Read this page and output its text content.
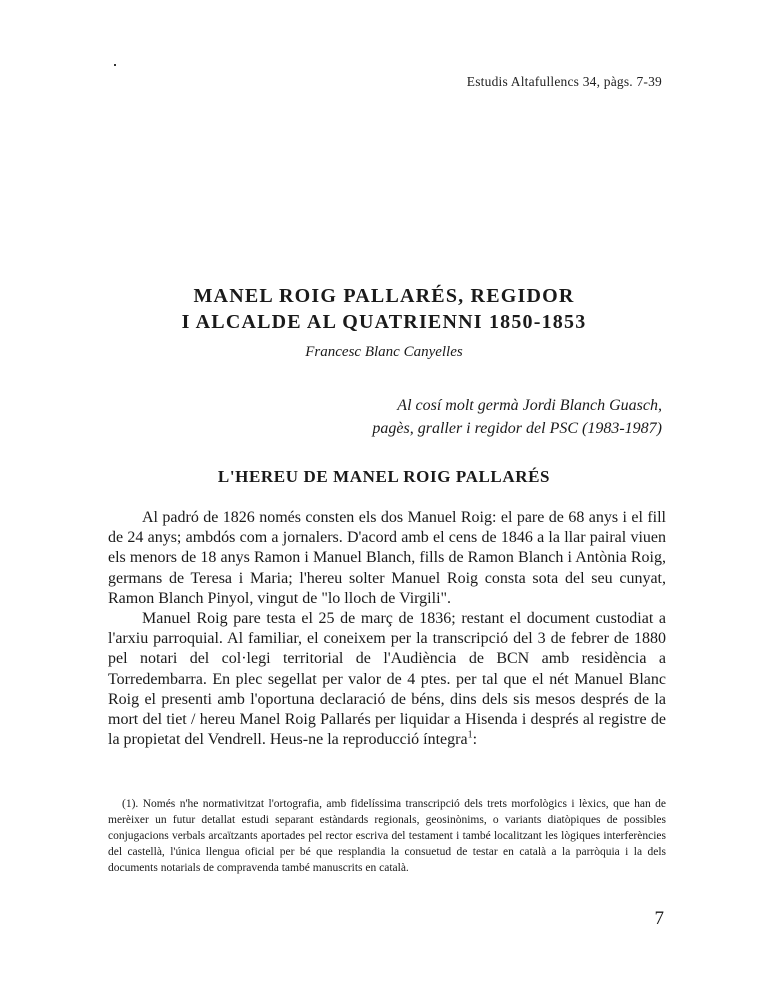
Estudis Altafullencs 34, pàgs. 7-39
MANEL ROIG PALLARÉS, REGIDOR
I ALCALDE AL QUATRIENNI 1850-1853
Francesc Blanc Canyelles
Al cosí molt germà Jordi Blanch Guasch,
pagès, graller i regidor del PSC (1983-1987)
L'HEREU DE MANEL ROIG PALLARÉS

Al padró de 1826 només consten els dos Manuel Roig: el pare de 68 anys i el fill de 24 anys; ambdós com a jornalers. D'acord amb el cens de 1846 a la llar pairal viuen els menors de 18 anys Ramon i Manuel Blanch, fills de Ramon Blanch i Antònia Roig, germans de Teresa i Maria; l'hereu solter Manuel Roig consta sota del seu cunyat, Ramon Blanch Pinyol, vingut de "lo lloch de Virgili".

Manuel Roig pare testa el 25 de març de 1836; restant el document custodiat a l'arxiu parroquial. Al familiar, el coneixem per la transcripció del 3 de febrer de 1880 pel notari del col·legi territorial de l'Audiència de BCN amb residència a Torredembarra. En plec segellat per valor de 4 ptes. per tal que el nét Manuel Blanc Roig el presenti amb l'oportuna declaració de béns, dins dels sis mesos després de la mort del tiet / hereu Manel Roig Pallarés per liquidar a Hisenda i després al registre de la propietat del Vendrell. Heus-ne la reproducció íntegra$^1$:

(1). Només n'he normativitzat l'ortografia, amb fidelíssima transcripció dels trets morfològics i lèxics, que han de merèixer un futur detallat estudi separant estàndards regionals, geosinònims, o variants diatòpiques de possibles conjugacions verbals arcaïtzants aportades pel rector escriva del testament i també localitzant les lògiques interferències del castellà, l'única llengua oficial per bé que resplandia la consuetud de testar en català a la parròquia i la dels documents notarials de compravenda també manuscrits en català.

7
